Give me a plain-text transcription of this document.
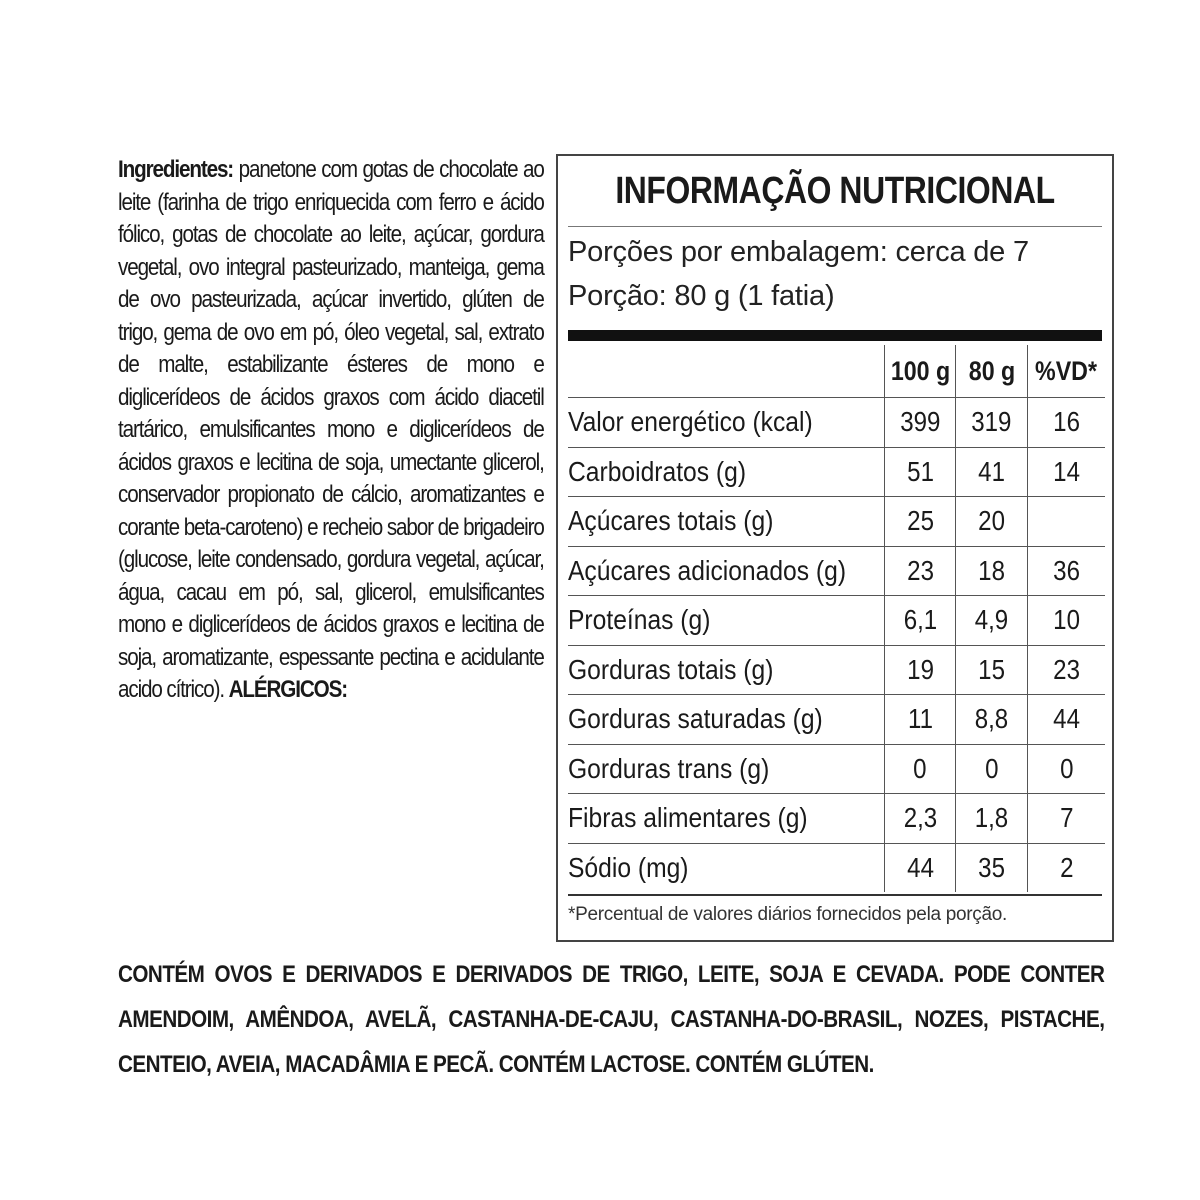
Ingredientes: panetone com gotas de chocolate ao leite (farinha de trigo enriquecida com ferro e ácido fólico, gotas de chocolate ao leite, açúcar, gordura vegetal, ovo integral pasteurizado, manteiga, gema de ovo pasteurizada, açúcar invertido, glúten de trigo, gema de ovo em pó, óleo vegetal, sal, extrato de malte, estabilizante ésteres de mono e diglicerídeos de ácidos graxos com ácido diacetil tartárico, emulsificantes mono e diglicerídeos de ácidos graxos e lecitina de soja, umectante glicerol, conservador propionato de cálcio, aromatizantes e corante beta-caroteno) e recheio sabor de brigadeiro (glucose, leite condensado, gordura vegetal, açúcar, água, cacau em pó, sal, glicerol, emulsificantes mono e diglicerídeos de ácidos graxos e lecitina de soja, aromatizante, espessante pectina e acidulante acido cítrico). ALÉRGICOS:
CONTÉM OVOS E DERIVADOS E DERIVADOS DE TRIGO, LEITE, SOJA E CEVADA. PODE CONTER AMENDOIM, AMÊNDOA, AVELÃ, CASTANHA-DE-CAJU, CASTANHA-DO-BRASIL, NOZES, PISTACHE, CENTEIO, AVEIA, MACADÂMIA E PECÃ. CONTÉM LACTOSE. CONTÉM GLÚTEN.
INFORMAÇÃO NUTRICIONAL
Porções por embalagem: cerca de 7
Porção: 80 g (1 fatia)
	100 g	80 g	%VD*
Valor energético (kcal)	399	319	16
Carboidratos (g)	51	41	14
Açúcares totais (g)	25	20	
Açúcares adicionados (g)	23	18	36
Proteínas (g)	6,1	4,9	10
Gorduras totais (g)	19	15	23
Gorduras saturadas (g)	11	8,8	44
Gorduras trans (g)	0	0	0
Fibras alimentares (g)	2,3	1,8	7
Sódio (mg)	44	35	2
*Percentual de valores diários fornecidos pela porção.
